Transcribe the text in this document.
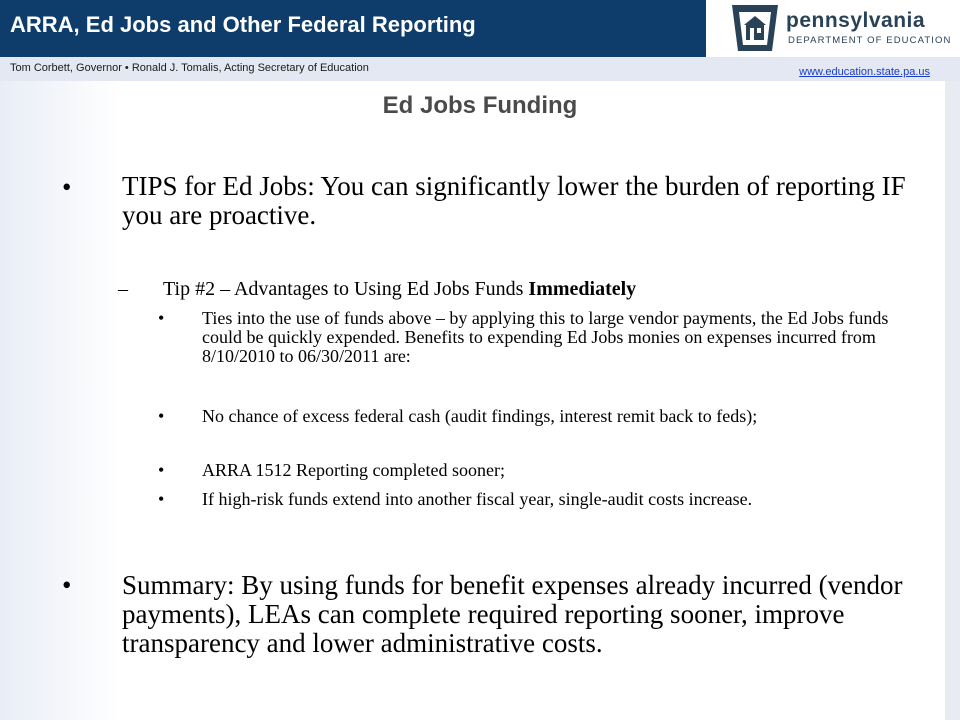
ARRA, Ed Jobs and Other Federal Reporting	pennsylvania
DEPARTMENT OF EDUCATION
Tom Corbett, Governor • Ronald J. Tomalis, Acting Secretary of Education	www.education.state.pa.us
Ed Jobs Funding
• TIPS for Ed Jobs: You can significantly lower the burden of reporting IF you are proactive.
– Tip #2 – Advantages to Using Ed Jobs Funds Immediately
• Ties into the use of funds above – by applying this to large vendor payments, the Ed Jobs funds could be quickly expended. Benefits to expending Ed Jobs monies on expenses incurred from 8/10/2010 to 06/30/2011 are:
• No chance of excess federal cash (audit findings, interest remit back to feds);
• ARRA 1512 Reporting completed sooner;
• If high-risk funds extend into another fiscal year, single-audit costs increase.
• Summary: By using funds for benefit expenses already incurred (vendor payments), LEAs can complete required reporting sooner, improve transparency and lower administrative costs.
